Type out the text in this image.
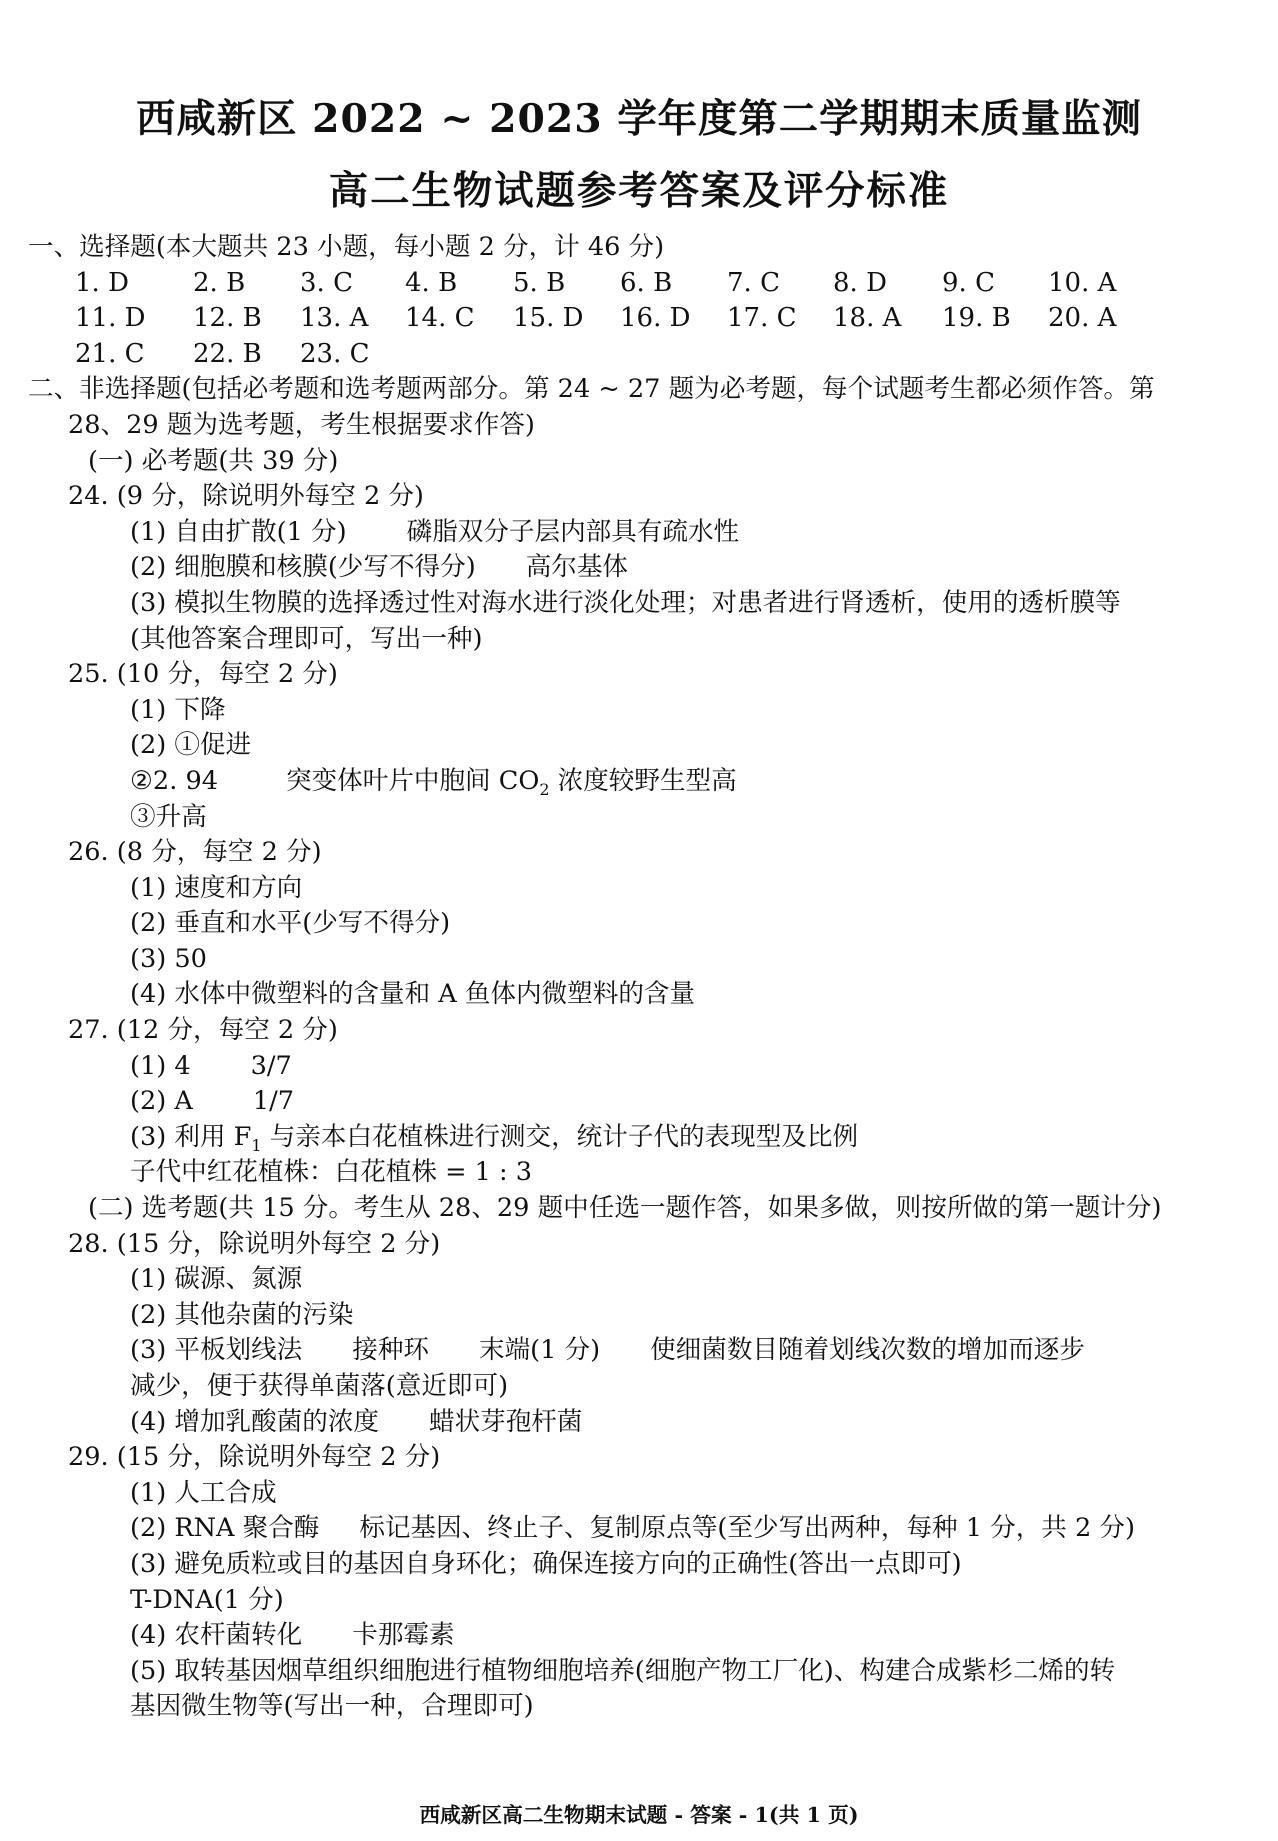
西咸新区 2022 ~ 2023 学年度第二学期期末质量监测
高二生物试题参考答案及评分标准
一、选择题(本大题共 23 小题，每小题 2 分，计 46 分)
1. D 2. B 3. C 4. B 5. B 6. B 7. C 8. D 9. C 10. A
11. D 12. B 13. A 14. C 15. D 16. D 17. C 18. A 19. B 20. A
21. C 22. B 23. C
二、非选择题(包括必考题和选考题两部分。第 24 ~ 27 题为必考题，每个试题考生都必须作答。第
28、29 题为选考题，考生根据要求作答)
(一) 必考题(共 39 分)
24. (9 分，除说明外每空 2 分)
(1) 自由扩散(1 分) 磷脂双分子层内部具有疏水性
(2) 细胞膜和核膜(少写不得分) 高尔基体
(3) 模拟生物膜的选择透过性对海水进行淡化处理；对患者进行肾透析，使用的透析膜等
(其他答案合理即可，写出一种)
25. (10 分，每空 2 分)
(1) 下降
(2) ①促进
②2. 94	突变体叶片中胞间 $CO_2$ 浓度较野生型高
③升高
26. (8 分，每空 2 分)
(1) 速度和方向
(2) 垂直和水平(少写不得分)
(3) 50
(4) 水体中微塑料的含量和 A 鱼体内微塑料的含量
27. (12 分，每空 2 分)
(1) 4 3/7
(2) A 1/7
(3) 利用 $F_1$ 与亲本白花植株进行测交，统计子代的表现型及比例
子代中红花植株：白花植株 = 1 : 3
(二) 选考题(共 15 分。考生从 28、29 题中任选一题作答，如果多做，则按所做的第一题计分)
28. (15 分，除说明外每空 2 分)
(1) 碳源、氮源
(2) 其他杂菌的污染
(3) 平板划线法 接种环 末端(1 分) 使细菌数目随着划线次数的增加而逐步
减少，便于获得单菌落(意近即可)
(4) 增加乳酸菌的浓度 蜡状芽孢杆菌
29. (15 分，除说明外每空 2 分)
(1) 人工合成
(2) RNA 聚合酶 标记基因、终止子、复制原点等(至少写出两种，每种 1 分，共 2 分)
(3) 避免质粒或目的基因自身环化；确保连接方向的正确性(答出一点即可)
T-DNA(1 分)
(4) 农杆菌转化 卡那霉素
(5) 取转基因烟草组织细胞进行植物细胞培养(细胞产物工厂化)、构建合成紫杉二烯的转
基因微生物等(写出一种，合理即可)
西咸新区高二生物期末试题 - 答案 - 1(共 1 页)
